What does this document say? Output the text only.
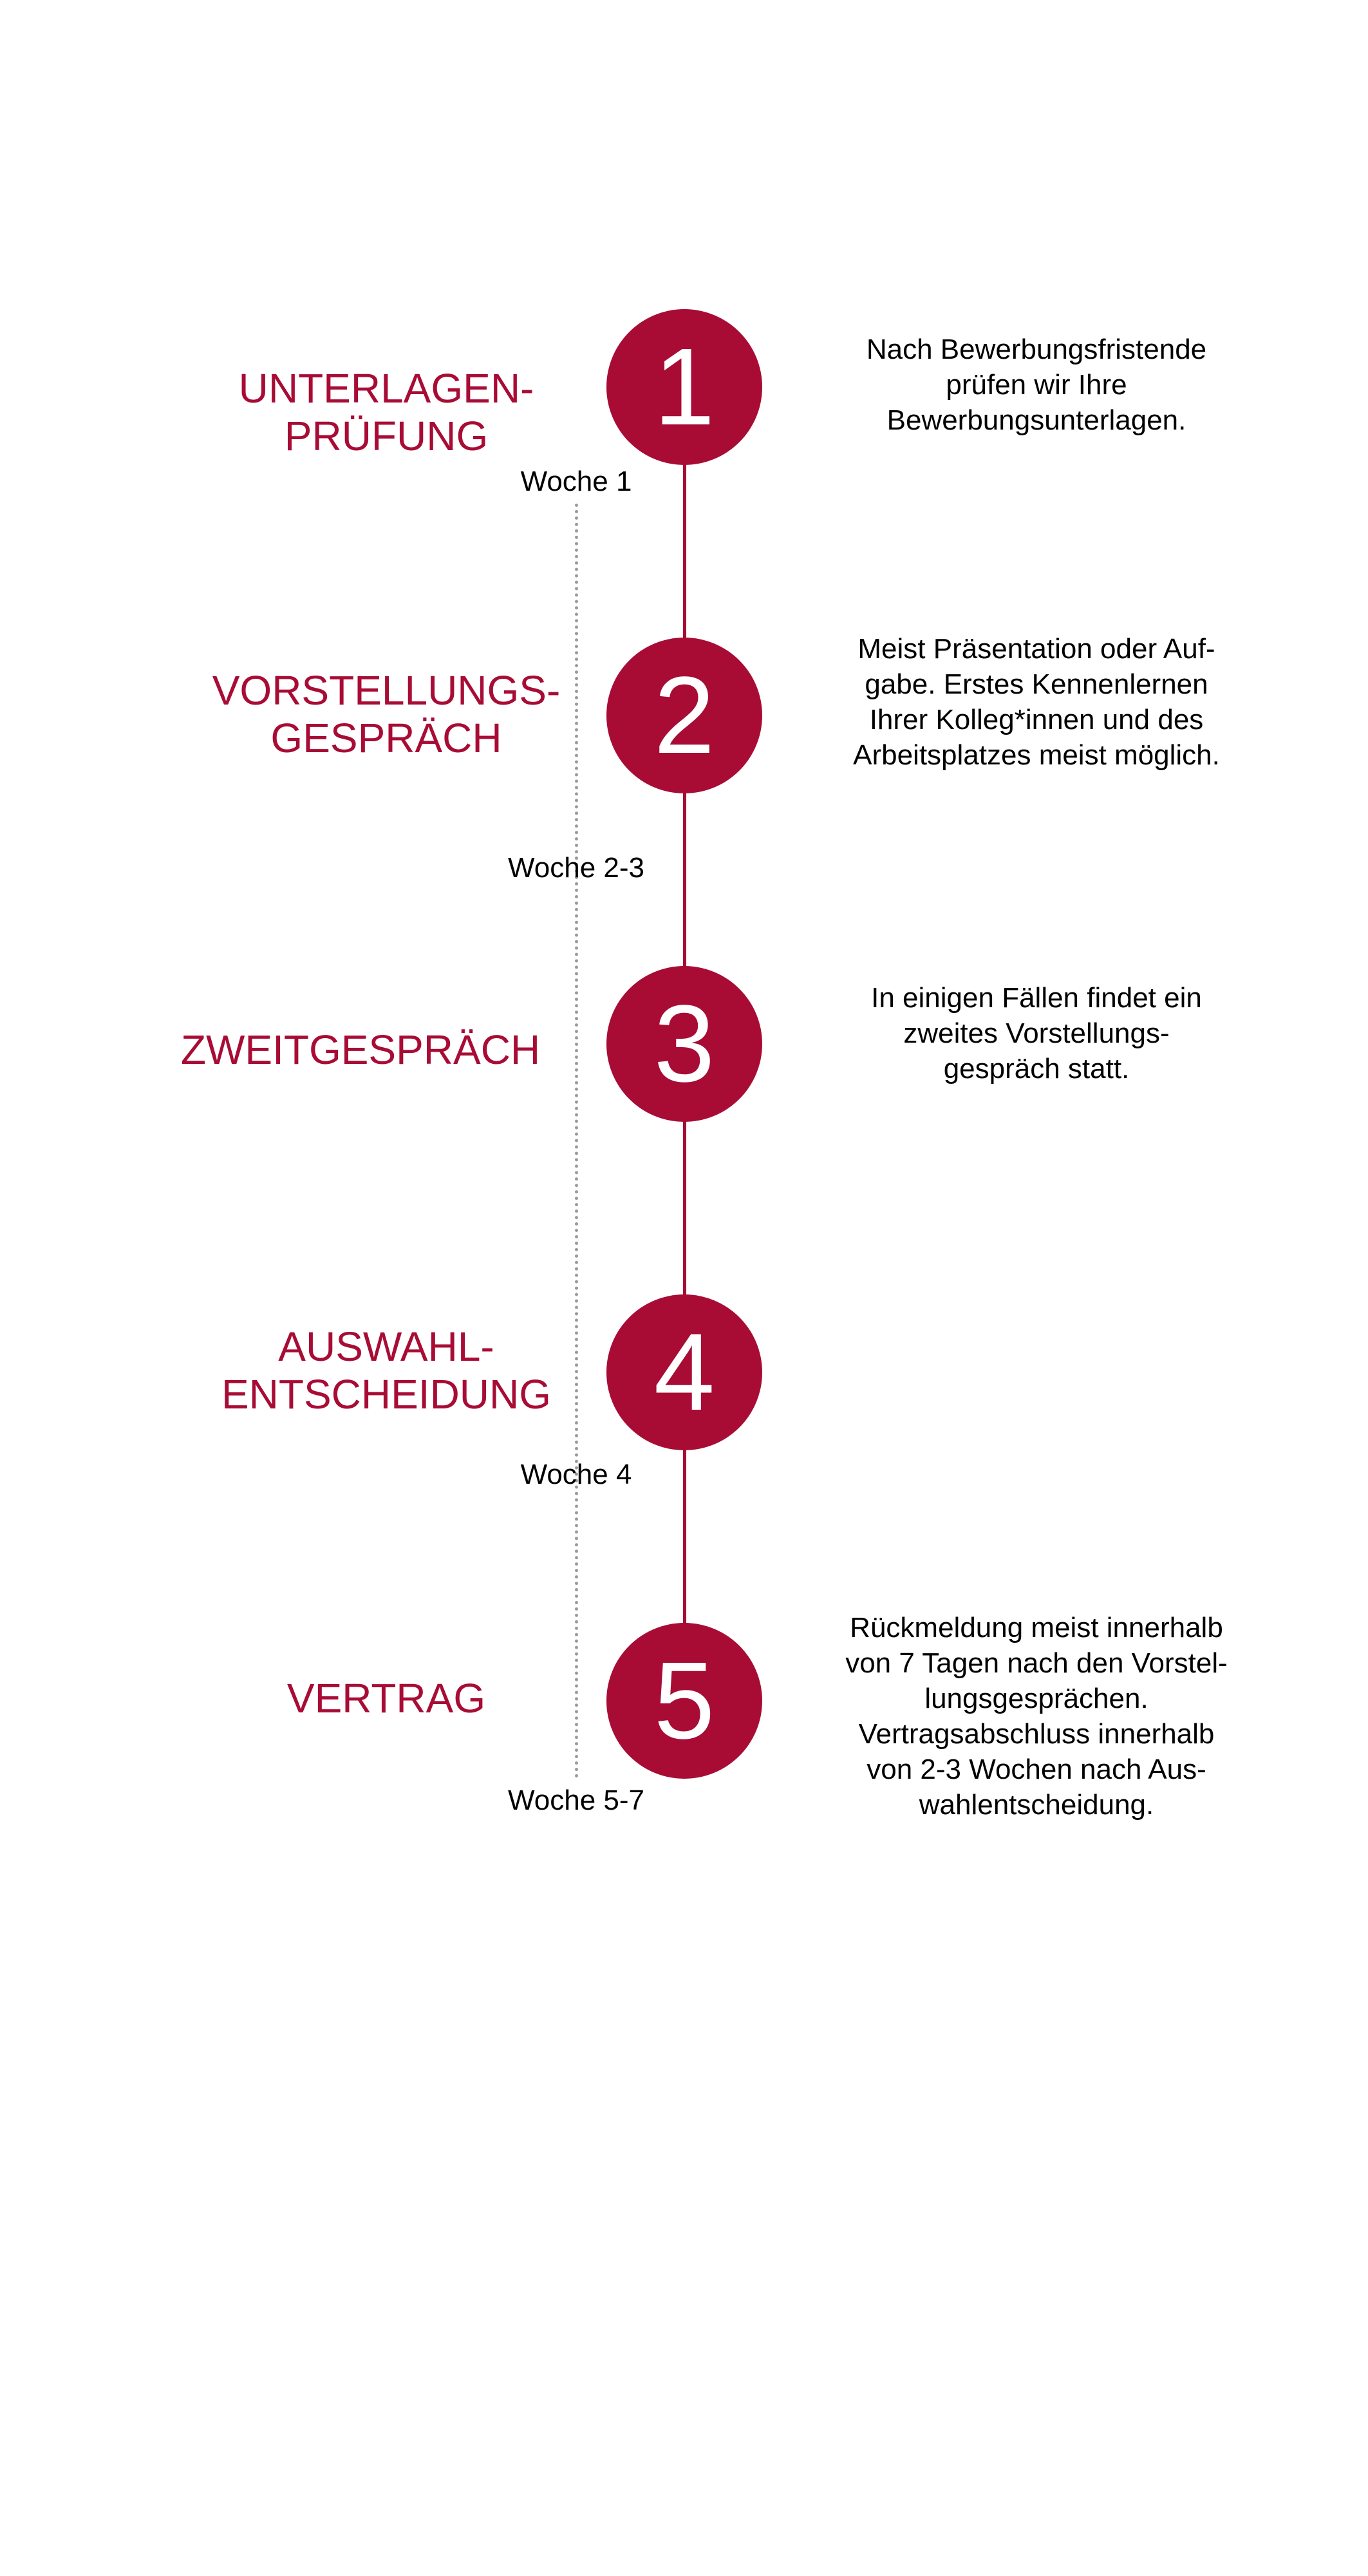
UNTERLAGEN-
PRÜFUNG	1	Nach Bewerbungsfristende
prüfen wir Ihre
Bewerbungsunterlagen.
Woche 1
VORSTELLUNGS-
GESPRÄCH	2
Meist Präsentation oder Auf-
gabe. Erstes Kennenlernen
Ihrer Kolleg*innen und des
Arbeitsplatzes meist möglich.
Woche 2-3
ZWEITGESPRÄCH 3	In einigen Fällen findet ein
zweites Vorstellungs-
gespräch statt.
AUSWAHL-
ENTSCHEIDUNG 4
Woche 4
VERTRAG	5
Rückmeldung meist innerhalb
von 7 Tagen nach den Vorstel-
lungsgesprächen.
Vertragsabschluss innerhalb
von 2-3 Wochen nach Aus-
wahlentscheidung.
Woche 5-7
